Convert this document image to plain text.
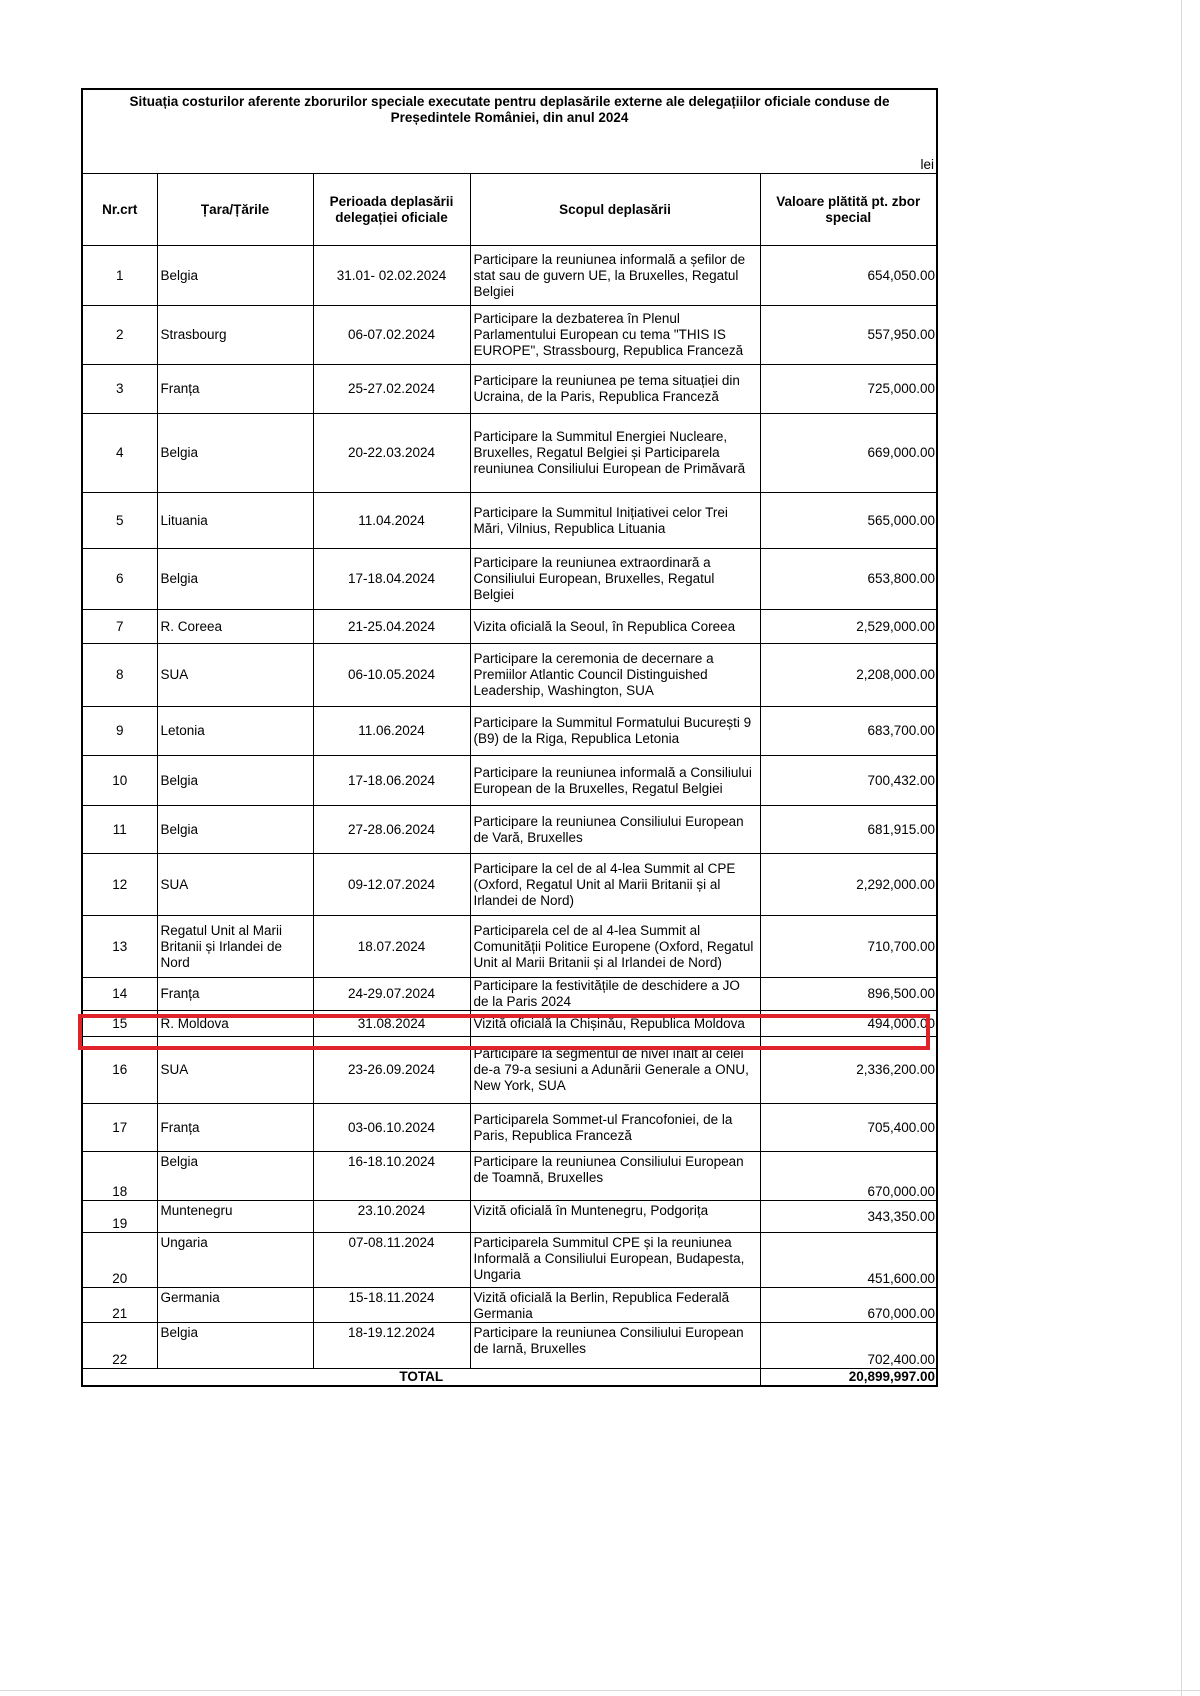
Situația costurilor aferente zborurilor speciale executate pentru deplasările externe ale delegațiilor oficiale conduse de Președintele României, din anul 2024				
lei				
Nr.crt	Țara/Țările	Perioada deplasării delegației oficiale	Scopul deplasării	Valoare plătită pt. zbor special
1	Belgia	31.01- 02.02.2024	Participare la reuniunea informală a șefilor de stat sau de guvern UE, la Bruxelles, Regatul Belgiei	654,050.00
2	Strasbourg	06-07.02.2024	Participare la dezbaterea în Plenul Parlamentului European cu tema "THIS IS EUROPE", Strassbourg, Republica Franceză	557,950.00
3	Franța	25-27.02.2024	Participare la reuniunea pe tema situației din Ucraina, de la Paris, Republica Franceză	725,000.00
4	Belgia	20-22.03.2024	Participare la Summitul Energiei Nucleare, Bruxelles, Regatul Belgiei și Participarela reuniunea Consiliului European de Primăvară	669,000.00
5	Lituania	11.04.2024	Participare la Summitul Inițiativei celor Trei Mări, Vilnius, Republica Lituania	565,000.00
6	Belgia	17-18.04.2024	Participare la reuniunea extraordinară a Consiliului European, Bruxelles, Regatul Belgiei	653,800.00
7	R. Coreea	21-25.04.2024	Vizita oficială la Seoul, în Republica Coreea	2,529,000.00
8	SUA	06-10.05.2024	Participare la ceremonia de decernare a Premiilor Atlantic Council Distinguished Leadership, Washington, SUA	2,208,000.00
9	Letonia	11.06.2024	Participare la Summitul Formatului București 9 (B9) de la Riga, Republica Letonia	683,700.00
10	Belgia	17-18.06.2024	Participare la reuniunea informală a Consiliului European de la Bruxelles, Regatul Belgiei	700,432.00
11	Belgia	27-28.06.2024	Participare la reuniunea Consiliului European de Vară, Bruxelles	681,915.00
12	SUA	09-12.07.2024	Participare la cel de al 4-lea Summit al CPE (Oxford, Regatul Unit al Marii Britanii și al Irlandei de Nord)	2,292,000.00
13	Regatul Unit al Marii Britanii și Irlandei de Nord	18.07.2024	Participarela cel de al 4-lea Summit al Comunității Politice Europene (Oxford, Regatul Unit al Marii Britanii și al Irlandei de Nord)	710,700.00
14	Franța	24-29.07.2024	Participare la festivitățile de deschidere a JO de la Paris 2024	896,500.00
15	R. Moldova	31.08.2024	Vizită oficială la Chișinău, Republica Moldova	494,000.00
16	SUA	23-26.09.2024	Participare la segmentul de nivel înalt al celei de-a 79-a sesiuni a Adunării Generale a ONU, New York, SUA	2,336,200.00
17	Franța	03-06.10.2024	Participarela Sommet-ul Francofoniei, de la Paris, Republica Franceză	705,400.00
18	Belgia	16-18.10.2024	Participare la reuniunea Consiliului European de Toamnă, Bruxelles	670,000.00
19	Muntenegru	23.10.2024	Vizită oficială în Muntenegru, Podgorița	343,350.00
20	Ungaria	07-08.11.2024	Participarela Summitul CPE și la reuniunea Informală a Consiliului European, Budapesta, Ungaria	451,600.00
21	Germania	15-18.11.2024	Vizită oficială la Berlin, Republica Federală Germania	670,000.00
22	Belgia	18-19.12.2024	Participare la reuniunea Consiliului European de Iarnă, Bruxelles	702,400.00
TOTAL				20,899,997.00
